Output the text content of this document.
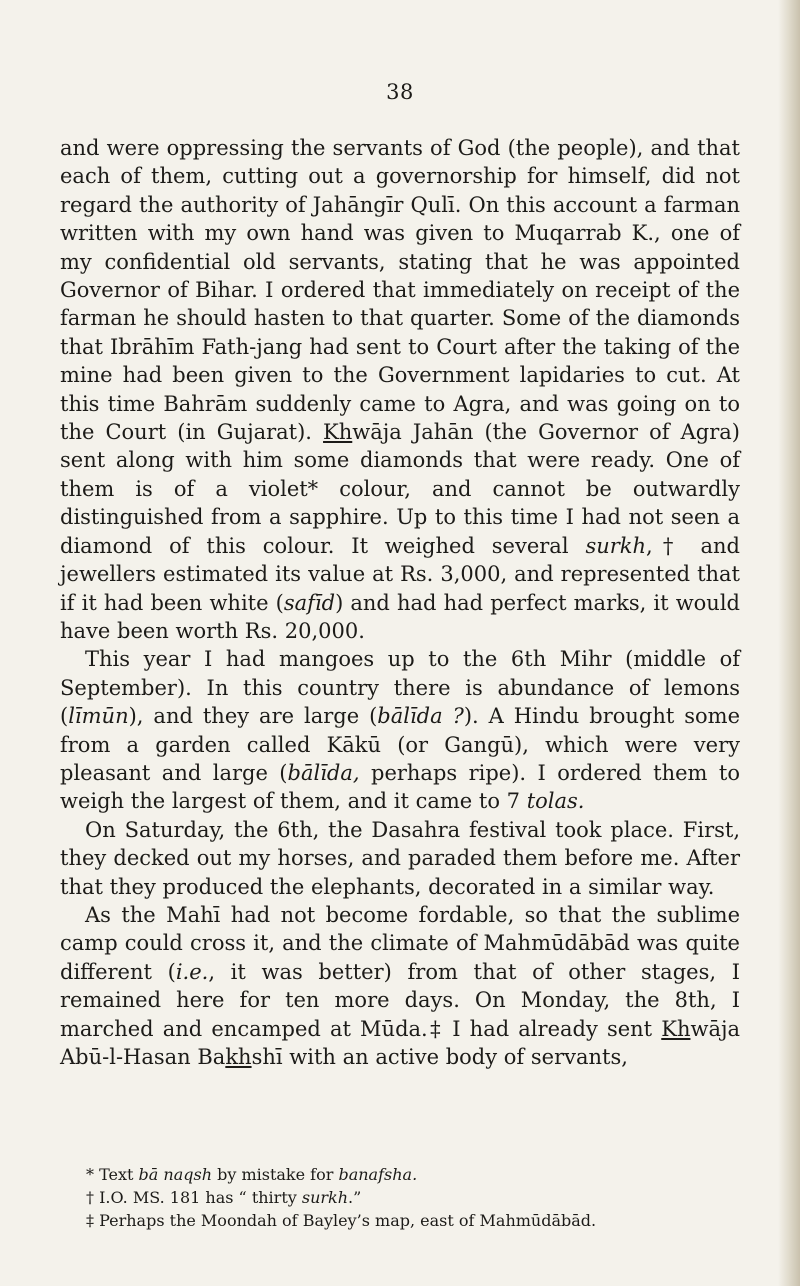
38

and were oppressing the servants of God (the people), and that each of them, cutting out a governorship for himself, did not regard the authority of Jahāngīr Qulī. On this account a farman written with my own hand was given to Muqarrab K., one of my confidential old servants, stating that he was appointed Governor of Bihar. I ordered that immediately on receipt of the farman he should hasten to that quarter. Some of the diamonds that Ibrāhīm Fath-jang had sent to Court after the taking of the mine had been given to the Government lapidaries to cut. At this time Bahrām suddenly came to Agra, and was going on to the Court (in Gujarat). Khwāja Jahān (the Governor of Agra) sent along with him some diamonds that were ready. One of them is of a violet* colour, and cannot be outwardly distinguished from a sapphire. Up to this time I had not seen a diamond of this colour. It weighed several surkh,† and jewellers estimated its value at Rs. 3,000, and represented that if it had been white (safīd) and had had perfect marks, it would have been worth Rs. 20,000.

This year I had mangoes up to the 6th Mihr (middle of September). In this country there is abundance of lemons (līmūn), and they are large (bālīda ?). A Hindu brought some from a garden called Kākū (or Gangū), which were very pleasant and large (bālīda, perhaps ripe). I ordered them to weigh the largest of them, and it came to 7 tolas.

On Saturday, the 6th, the Dasahra festival took place. First, they decked out my horses, and paraded them before me. After that they produced the elephants, decorated in a similar way.

As the Mahī had not become fordable, so that the sublime camp could cross it, and the climate of Mahmūdābād was quite different (i.e., it was better) from that of other stages, I remained here for ten more days. On Monday, the 8th, I marched and encamped at Mūda.‡ I had already sent Khwāja Abū-l-Hasan Bakhshī with an active body of servants,

* Text bā naqsh by mistake for banafsha.
† I.O. MS. 181 has “ thirty surkh.”
‡ Perhaps the Moondah of Bayley’s map, east of Mahmūdābād.
